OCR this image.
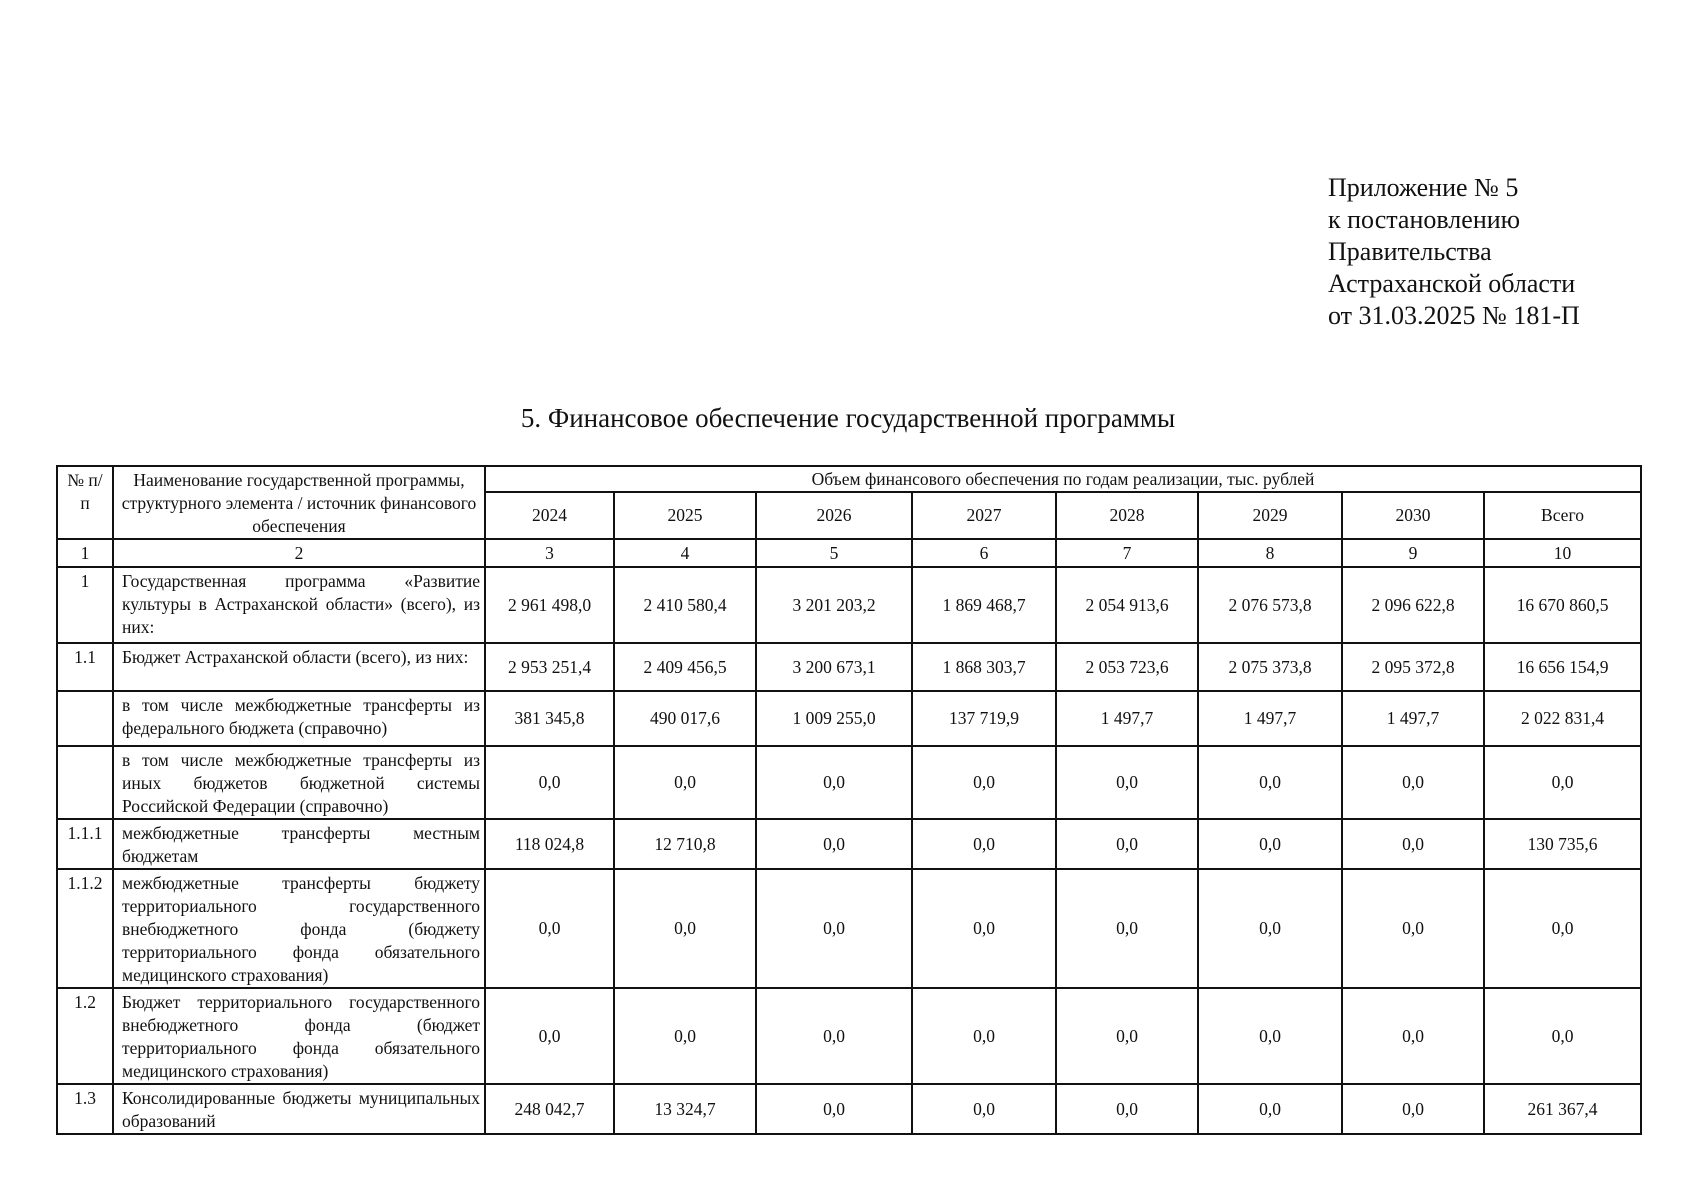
Приложение № 5
к постановлению
Правительства
Астраханской области
от 31.03.2025 № 181-П
5. Финансовое обеспечение государственной программы
№ п/п	Наименование государственной программы, структурного элемента / источник финансового обеспечения	Объем финансового обеспечения по годам реализации, тыс. рублей							
		2024	2025	2026	2027	2028	2029	2030	Всего
1	2	3	4	5	6	7	8	9	10
1	Государственная программа «Развитие культуры в Астраханской области» (всего), из них:	2 961 498,0	2 410 580,4	3 201 203,2	1 869 468,7	2 054 913,6	2 076 573,8	2 096 622,8	16 670 860,5
1.1	Бюджет Астраханской области (всего), из них:	2 953 251,4	2 409 456,5	3 200 673,1	1 868 303,7	2 053 723,6	2 075 373,8	2 095 372,8	16 656 154,9
	в том числе межбюджетные трансферты из федерального бюджета (справочно)	381 345,8	490 017,6	1 009 255,0	137 719,9	1 497,7	1 497,7	1 497,7	2 022 831,4
	в том числе межбюджетные трансферты из иных бюджетов бюджетной системы Российской Федерации (справочно)	0,0	0,0	0,0	0,0	0,0	0,0	0,0	0,0
1.1.1	межбюджетные трансферты местным бюджетам	118 024,8	12 710,8	0,0	0,0	0,0	0,0	0,0	130 735,6
1.1.2	межбюджетные трансферты бюджету территориального государственного внебюджетного фонда (бюджету территориального фонда обязательного медицинского страхования)	0,0	0,0	0,0	0,0	0,0	0,0	0,0	0,0
1.2	Бюджет территориального государственного внебюджетного фонда (бюджет территориального фонда обязательного медицинского страхования)	0,0	0,0	0,0	0,0	0,0	0,0	0,0	0,0
1.3	Консолидированные бюджеты муниципальных образований	248 042,7	13 324,7	0,0	0,0	0,0	0,0	0,0	261 367,4
